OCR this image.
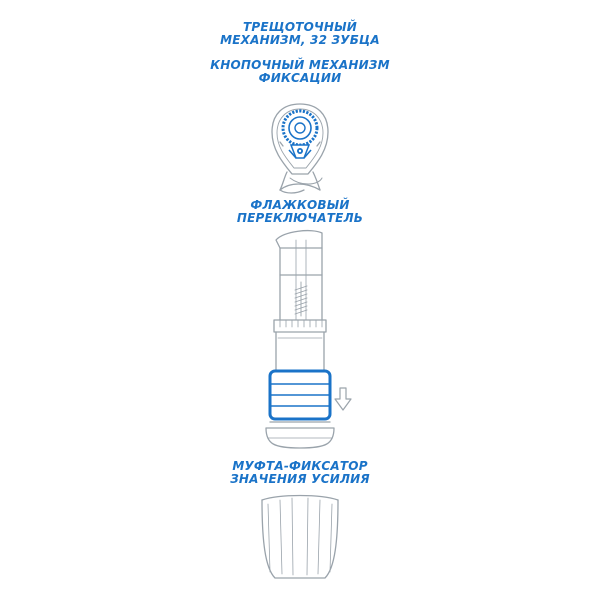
ТРЕЩОТОЧНЫЙ
МЕХАНИЗМ, 32 ЗУБЦА
КНОПОЧНЫЙ МЕХАНИЗМ
ФИКСАЦИИ
ФЛАЖКОВЫЙ
ПЕРЕКЛЮЧАТЕЛЬ
МУФТА-ФИКСАТОР
ЗНАЧЕНИЯ УСИЛИЯ
